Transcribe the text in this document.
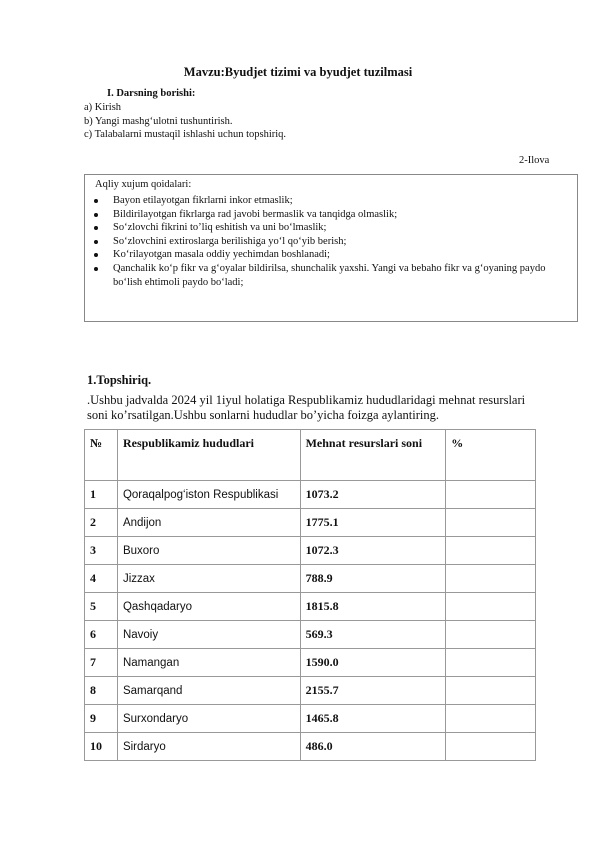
Mavzu:Byudjet tizimi va byudjet tuzilmasi
I. Darsning borishi:
a) Kirish
b) Yangi mashg‘ulotni tushuntirish.
c) Talabalarni mustaqil ishlashi uchun topshiriq.
2-Ilova
Aqliy xujum qoidalari:
Bayon etilayotgan fikrlarni inkor etmaslik;
Bildirilayotgan fikrlarga rad javobi bermaslik va tanqidga olmaslik;
So‘zlovchi fikrini to’liq eshitish va uni bo‘lmaslik;
So‘zlovchini extiroslarga berilishiga yo‘l qo‘yib berish;
Ko‘rilayotgan masala oddiy yechimdan boshlanadi;
Qanchalik ko‘p fikr va g‘oyalar bildirilsa, shunchalik yaxshi. Yangi va bebaho fikr va g‘oyaning paydo bo‘lish ehtimoli paydo bo‘ladi;
1.Topshiriq.
.Ushbu jadvalda 2024 yil 1iyul holatiga Respublikamiz hududlaridagi mehnat resurslari soni ko’rsatilgan.Ushbu sonlarni hududlar bo’yicha foizga aylantiring.
№	Respublikamiz hududlari	Mehnat resurslari soni	%
1	Qoraqalpog‘iston Respublikasi	1073.2	
2	Andijon	1775.1	
3	Buxoro	1072.3	
4	Jizzax	788.9	
5	Qashqadaryo	1815.8	
6	Navoiy	569.3	
7	Namangan	1590.0	
8	Samarqand	2155.7	
9	Surxondaryo	1465.8	
10	Sirdaryo	486.0	
